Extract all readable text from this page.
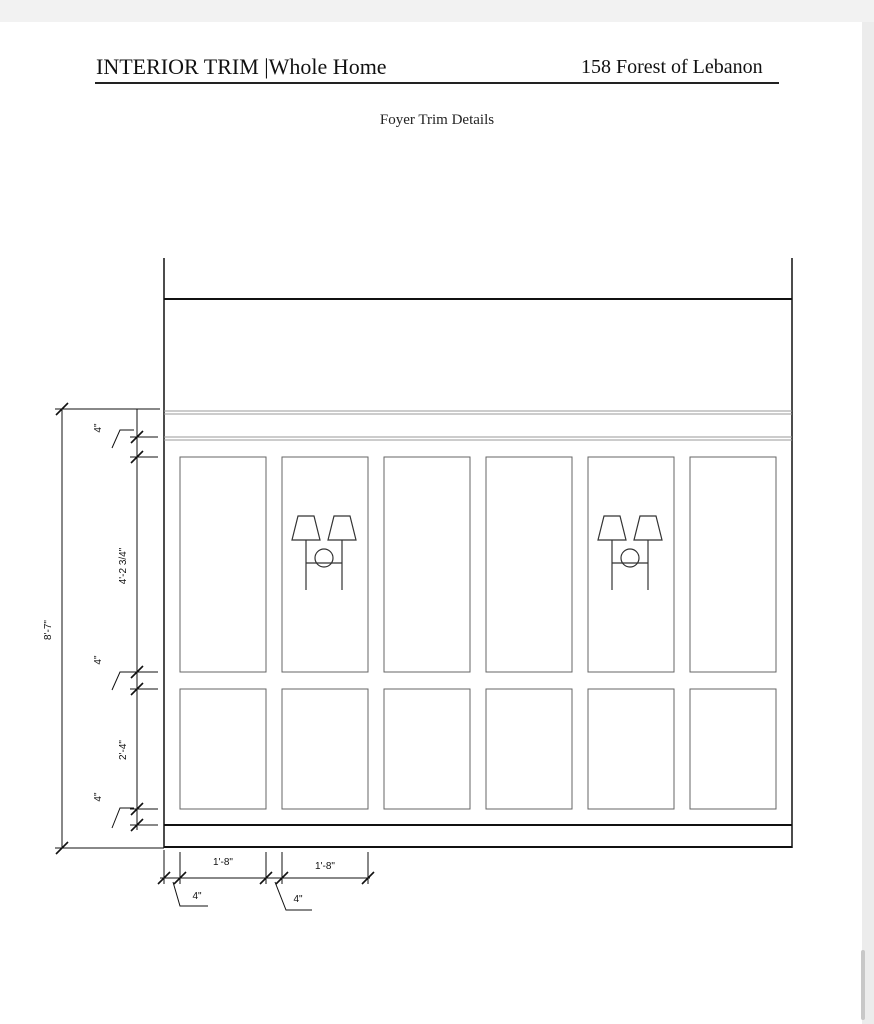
INTERIOR TRIM |Whole Home	158 Forest of Lebanon
Foyer Trim Details
8'-7"
4"
4'-2 3/4"
4"
2'-4"
4"
1'-8"	1'-8"
4"	4"
